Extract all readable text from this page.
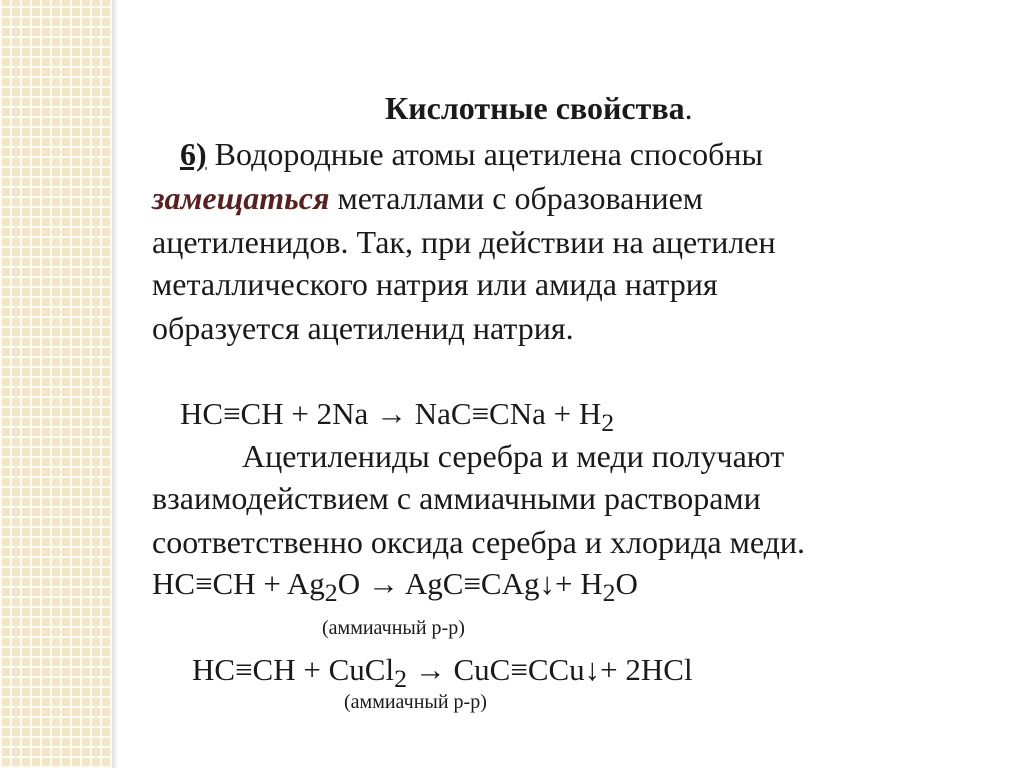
Кислотные свойства.
6) Водородные атомы ацетилена способны
замещаться металлами с образованием
ацетиленидов. Так, при действии на ацетилен
металлического натрия или амида натрия
образуется ацетиленид натрия.
$HC\equiv CH + 2Na \to NaC\equiv CNa + H_2$
Ацетилениды серебра и меди получают
взаимодействием с аммиачными растворами
соответственно оксида серебра и хлорида меди.
$HC\equiv CH + Ag_2O$ → AgC≡CAg↓+ $H_2O$
(аммиачный р-р)
HC≡CH + CuCl$_2$ → CuC≡CCu↓+ 2HCl
(аммиачный р-р)
